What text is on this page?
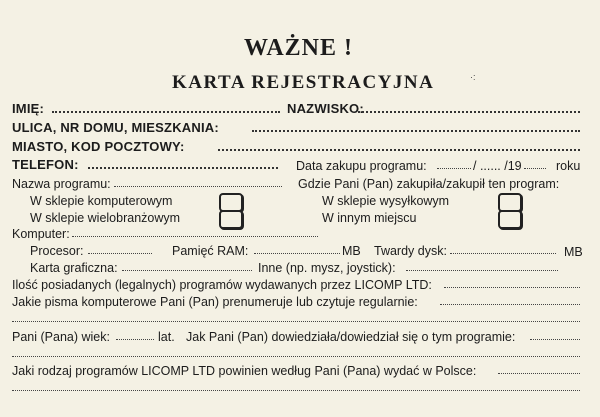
WAŻNE !
KARTA REJESTRACYJNA	·:
IMIĘ:	NAZWISKO:
ULICA, NR DOMU, MIESZKANIA:
MIASTO, KOD POCZTOWY:
TELEFON:	Data zakupu programu:	/ ...... /19	roku
Nazwa programu:	Gdzie Pani (Pan) zakupiła/zakupił ten program:
W sklepie komputerowym	W sklepie wysyłkowym
W sklepie wielobranżowym	W innym miejscu
Komputer:
Procesor:	Pamięć RAM:	MB Twardy dysk:	MB
Karta graficzna:	Inne (np. mysz, joystick):
Ilość posiadanych (legalnych) programów wydawanych przez LICOMP LTD:
Jakie pisma komputerowe Pani (Pan) prenumeruje lub czytuje regularnie:
Pani (Pana) wiek:	lat. Jak Pani (Pan) dowiedziała/dowiedział się o tym programie:
Jaki rodzaj programów LICOMP LTD powinien według Pani (Pana) wydać w Polsce:
